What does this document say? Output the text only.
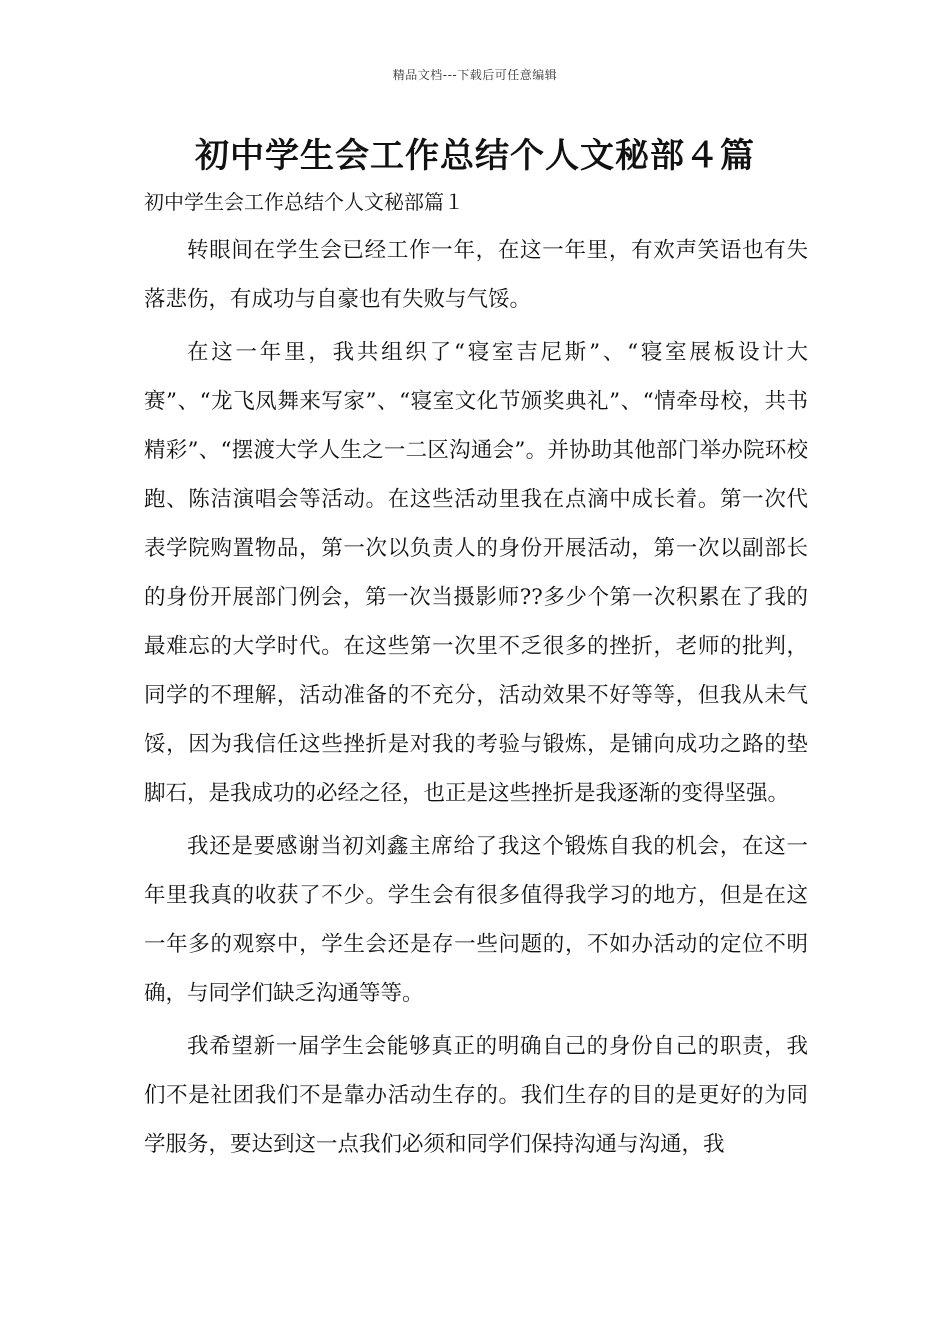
精品文档---下载后可任意编辑
初中学生会工作总结个人文秘部４篇
初中学生会工作总结个人文秘部篇１

转眼间在学生会已经工作一年，在这一年里，有欢声笑语也有失落悲伤，有成功与自豪也有失败与气馁。

在这一年里，我共组织了“寝室吉尼斯”、“寝室展板设计大赛”、“龙飞凤舞来写家”、“寝室文化节颁奖典礼”、“情牵母校，共书精彩”、“摆渡大学人生之一二区沟通会”。并协助其他部门举办院环校跑、陈洁演唱会等活动。在这些活动里我在点滴中成长着。第一次代表学院购置物品，第一次以负责人的身份开展活动，第一次以副部长的身份开展部门例会，第一次当摄影师??多少个第一次积累在了我的最难忘的大学时代。在这些第一次里不乏很多的挫折，老师的批判，同学的不理解，活动准备的不充分，活动效果不好等等，但我从未气馁，因为我信任这些挫折是对我的考验与锻炼，是铺向成功之路的垫脚石，是我成功的必经之径，也正是这些挫折是我逐渐的变得坚强。

我还是要感谢当初刘鑫主席给了我这个锻炼自我的机会，在这一年里我真的收获了不少。学生会有很多值得我学习的地方，但是在这一年多的观察中，学生会还是存一些问题的，不如办活动的定位不明确，与同学们缺乏沟通等等。

我希望新一届学生会能够真正的明确自己的身份自己的职责，我们不是社团我们不是靠办活动生存的。我们生存的目的是更好的为同学服务，要达到这一点我们必须和同学们保持沟通与沟通，我
